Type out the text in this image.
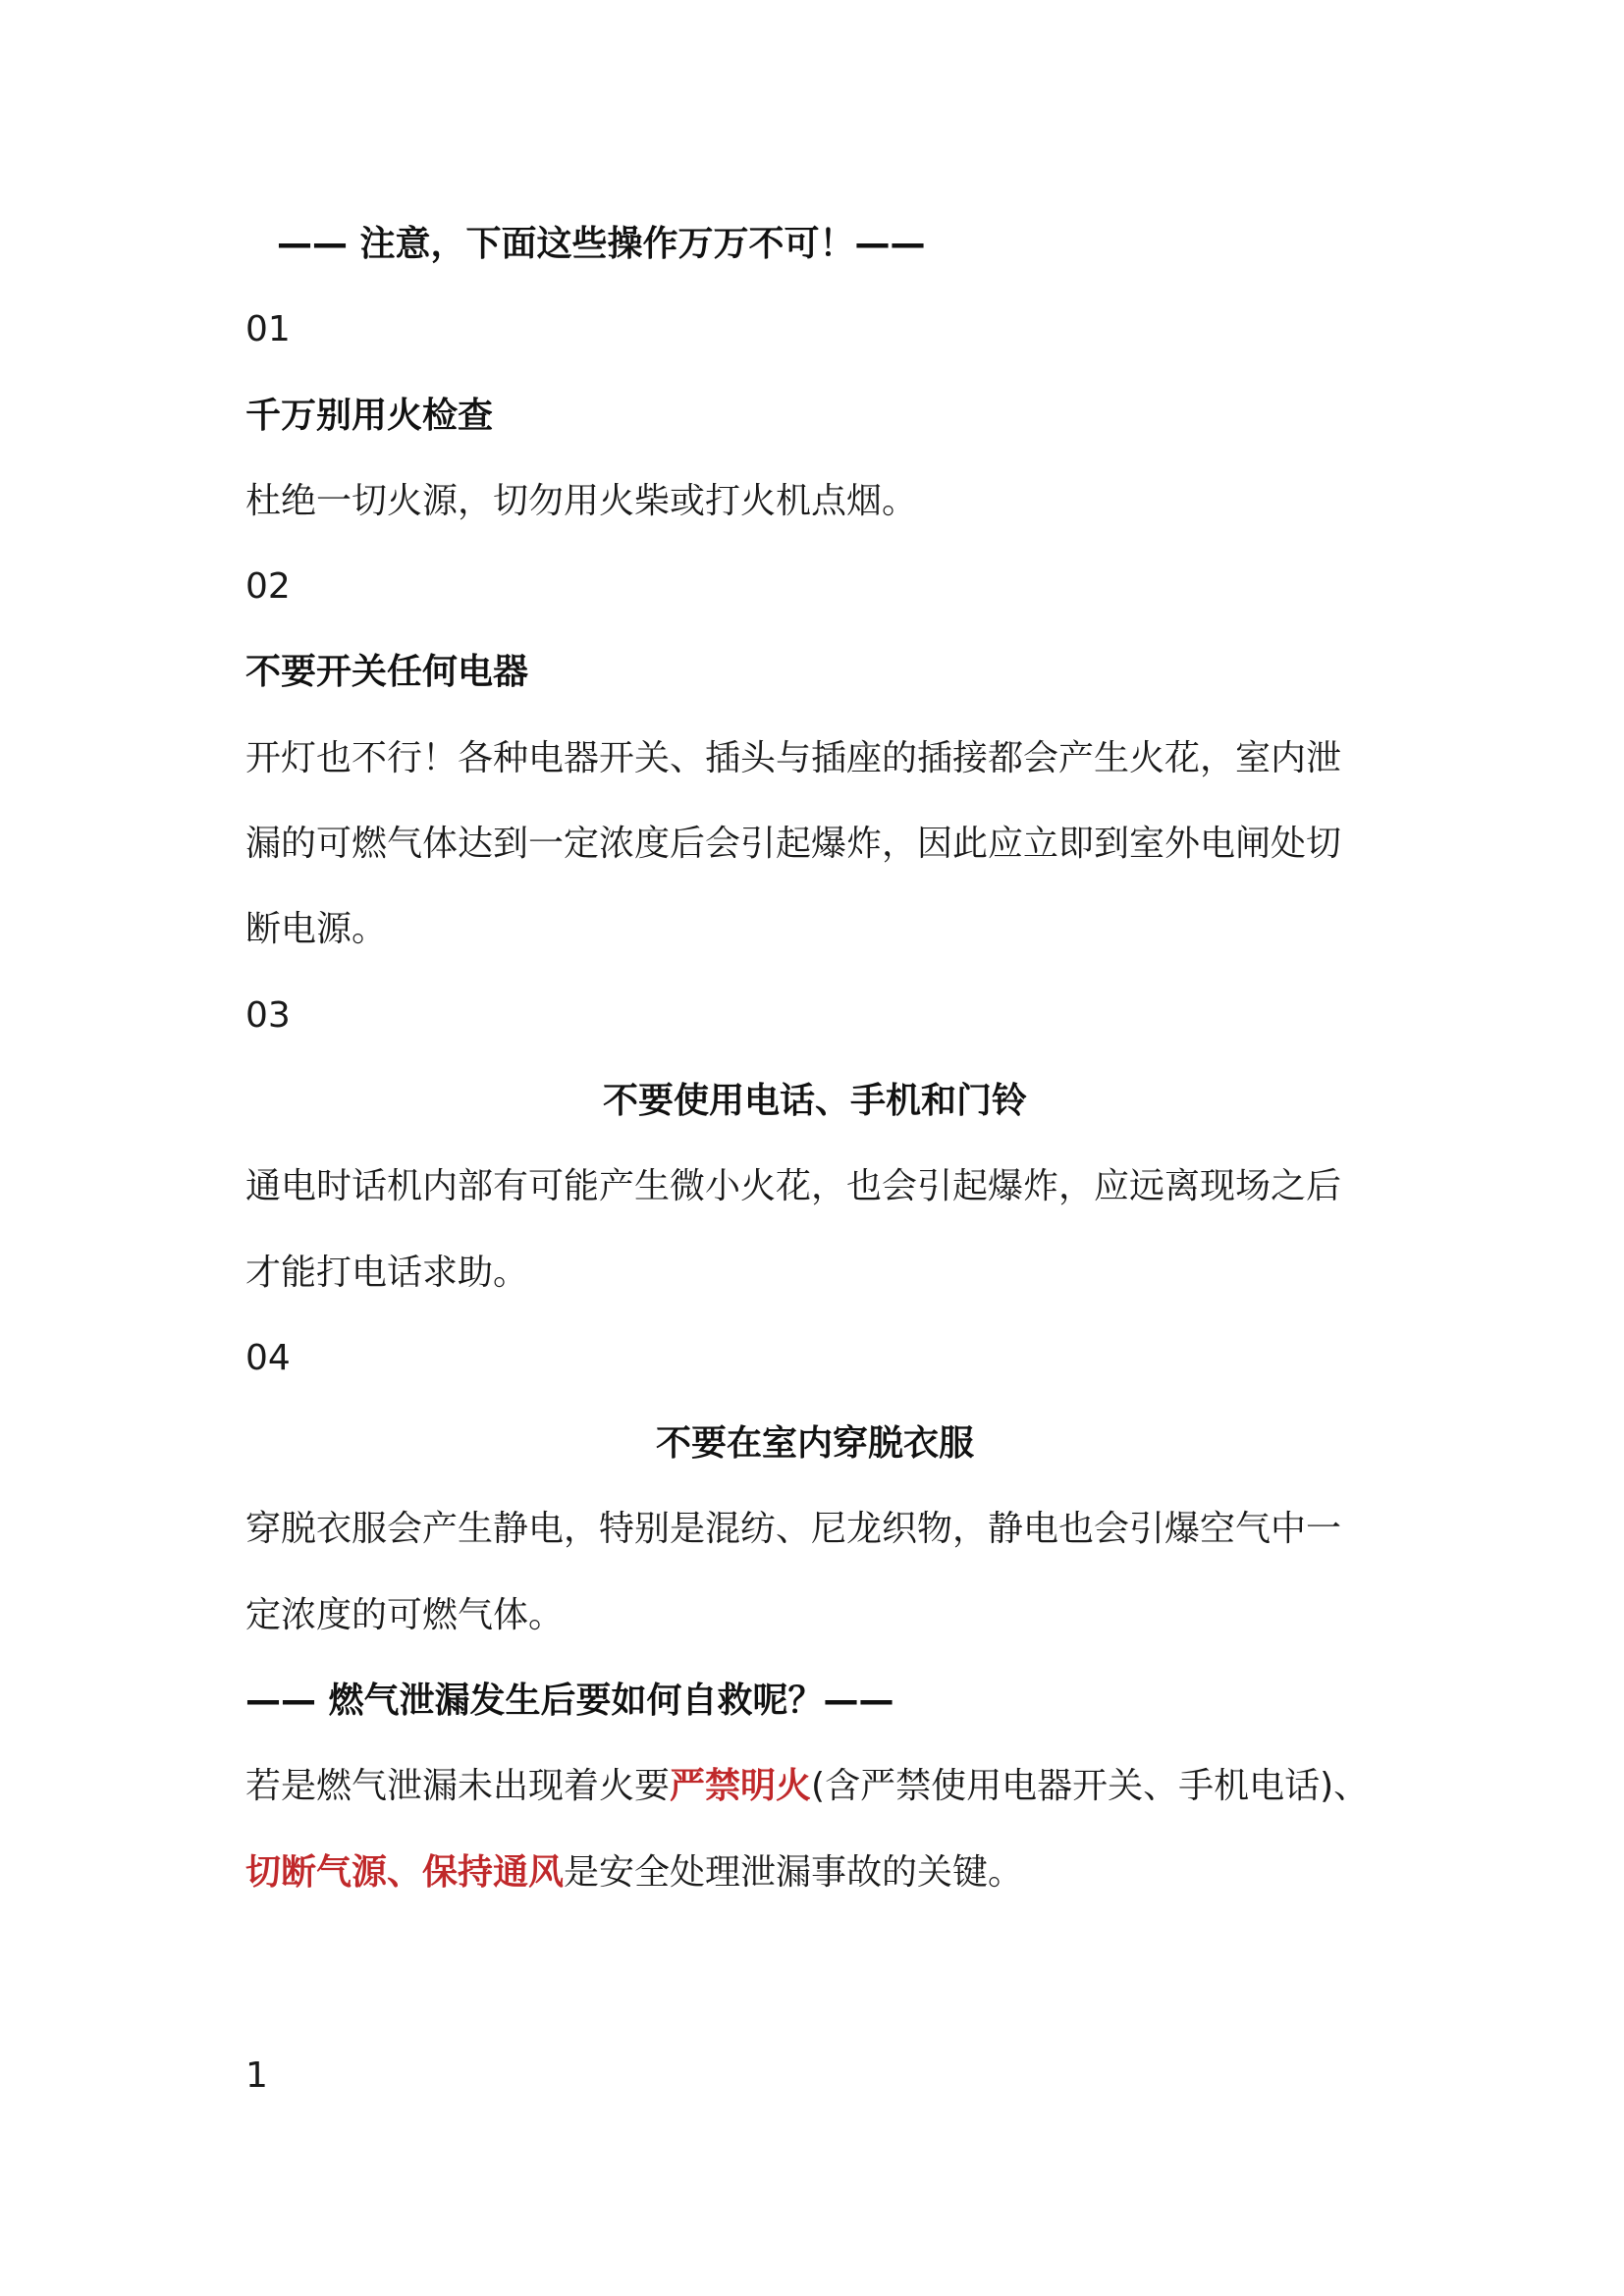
—— 注意，下面这些操作万万不可！——
01
千万别用火检查
杜绝一切火源，切勿用火柴或打火机点烟。
02
不要开关任何电器
开灯也不行！各种电器开关、插头与插座的插接都会产生火花，室内泄
漏的可燃气体达到一定浓度后会引起爆炸，因此应立即到室外电闸处切
断电源。
03
不要使用电话、手机和门铃
通电时话机内部有可能产生微小火花，也会引起爆炸，应远离现场之后
才能打电话求助。
04
不要在室内穿脱衣服
穿脱衣服会产生静电，特别是混纺、尼龙织物，静电也会引爆空气中一
定浓度的可燃气体。
—— 燃气泄漏发生后要如何自救呢？——
若是燃气泄漏未出现着火要严禁明火(含严禁使用电器开关、手机电话)、
切断气源、保持通风是安全处理泄漏事故的关键。
1
